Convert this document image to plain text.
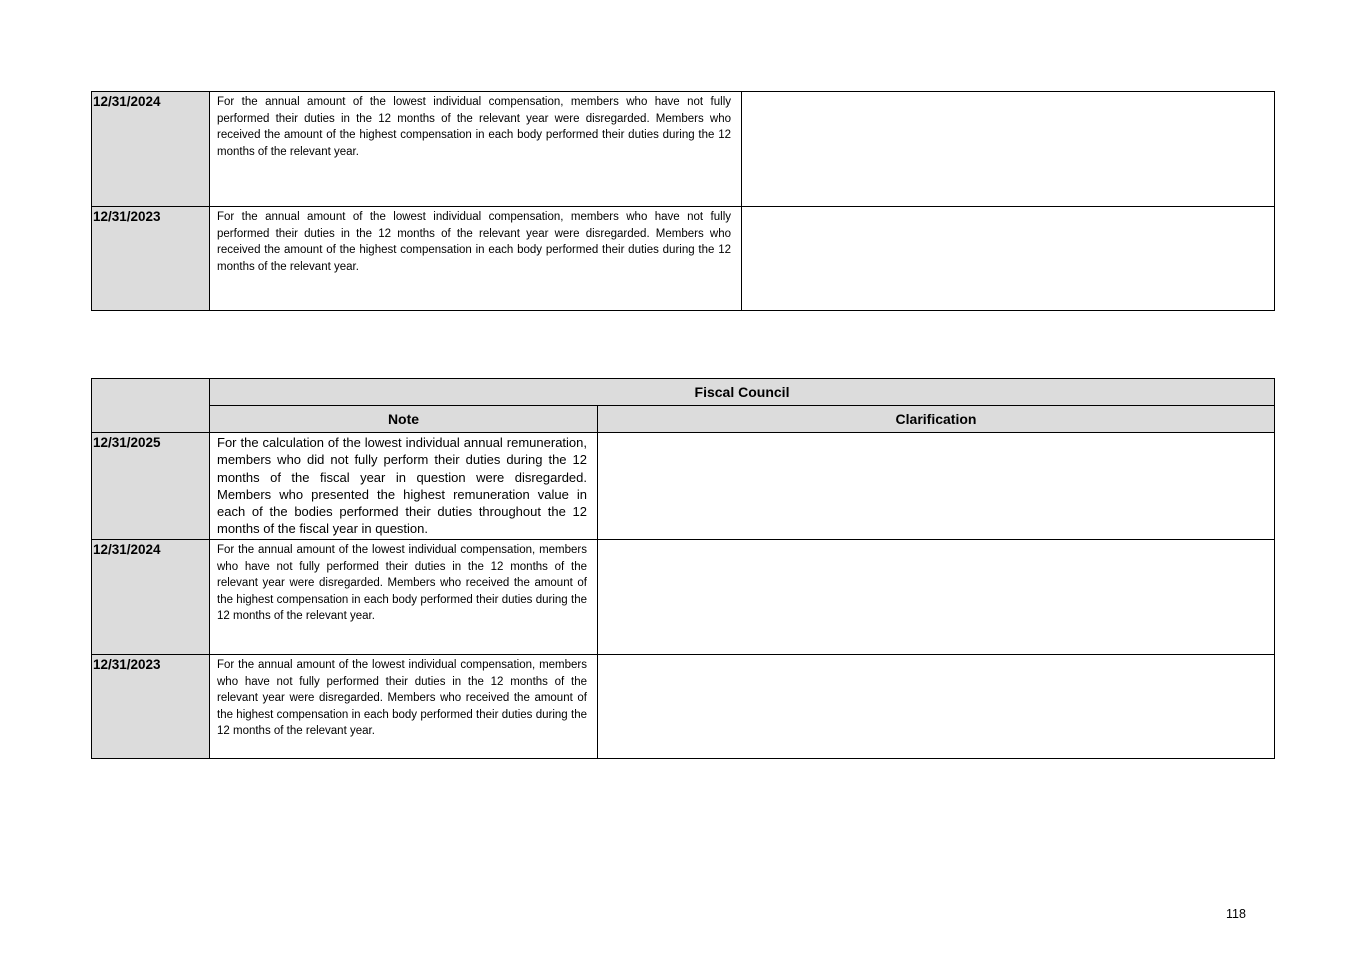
12/31/2024	For the annual amount of the lowest individual compensation, members who have not fully performed their duties in the 12 months of the relevant year were disregarded. Members who received the amount of the highest compensation in each body performed their duties during the 12 months of the relevant year.	
12/31/2023	For the annual amount of the lowest individual compensation, members who have not fully performed their duties in the 12 months of the relevant year were disregarded. Members who received the amount of the highest compensation in each body performed their duties during the 12 months of the relevant year.	
	Fiscal Council	
	Note	Clarification
12/31/2025	For the calculation of the lowest individual annual remuneration, members who did not fully perform their duties during the 12 months of the fiscal year in question were disregarded. Members who presented the highest remuneration value in each of the bodies performed their duties throughout the 12 months of the fiscal year in question.	
12/31/2024	For the annual amount of the lowest individual compensation, members who have not fully performed their duties in the 12 months of the relevant year were disregarded. Members who received the amount of the highest compensation in each body performed their duties during the 12 months of the relevant year.	
12/31/2023	For the annual amount of the lowest individual compensation, members who have not fully performed their duties in the 12 months of the relevant year were disregarded. Members who received the amount of the highest compensation in each body performed their duties during the 12 months of the relevant year.	
118
